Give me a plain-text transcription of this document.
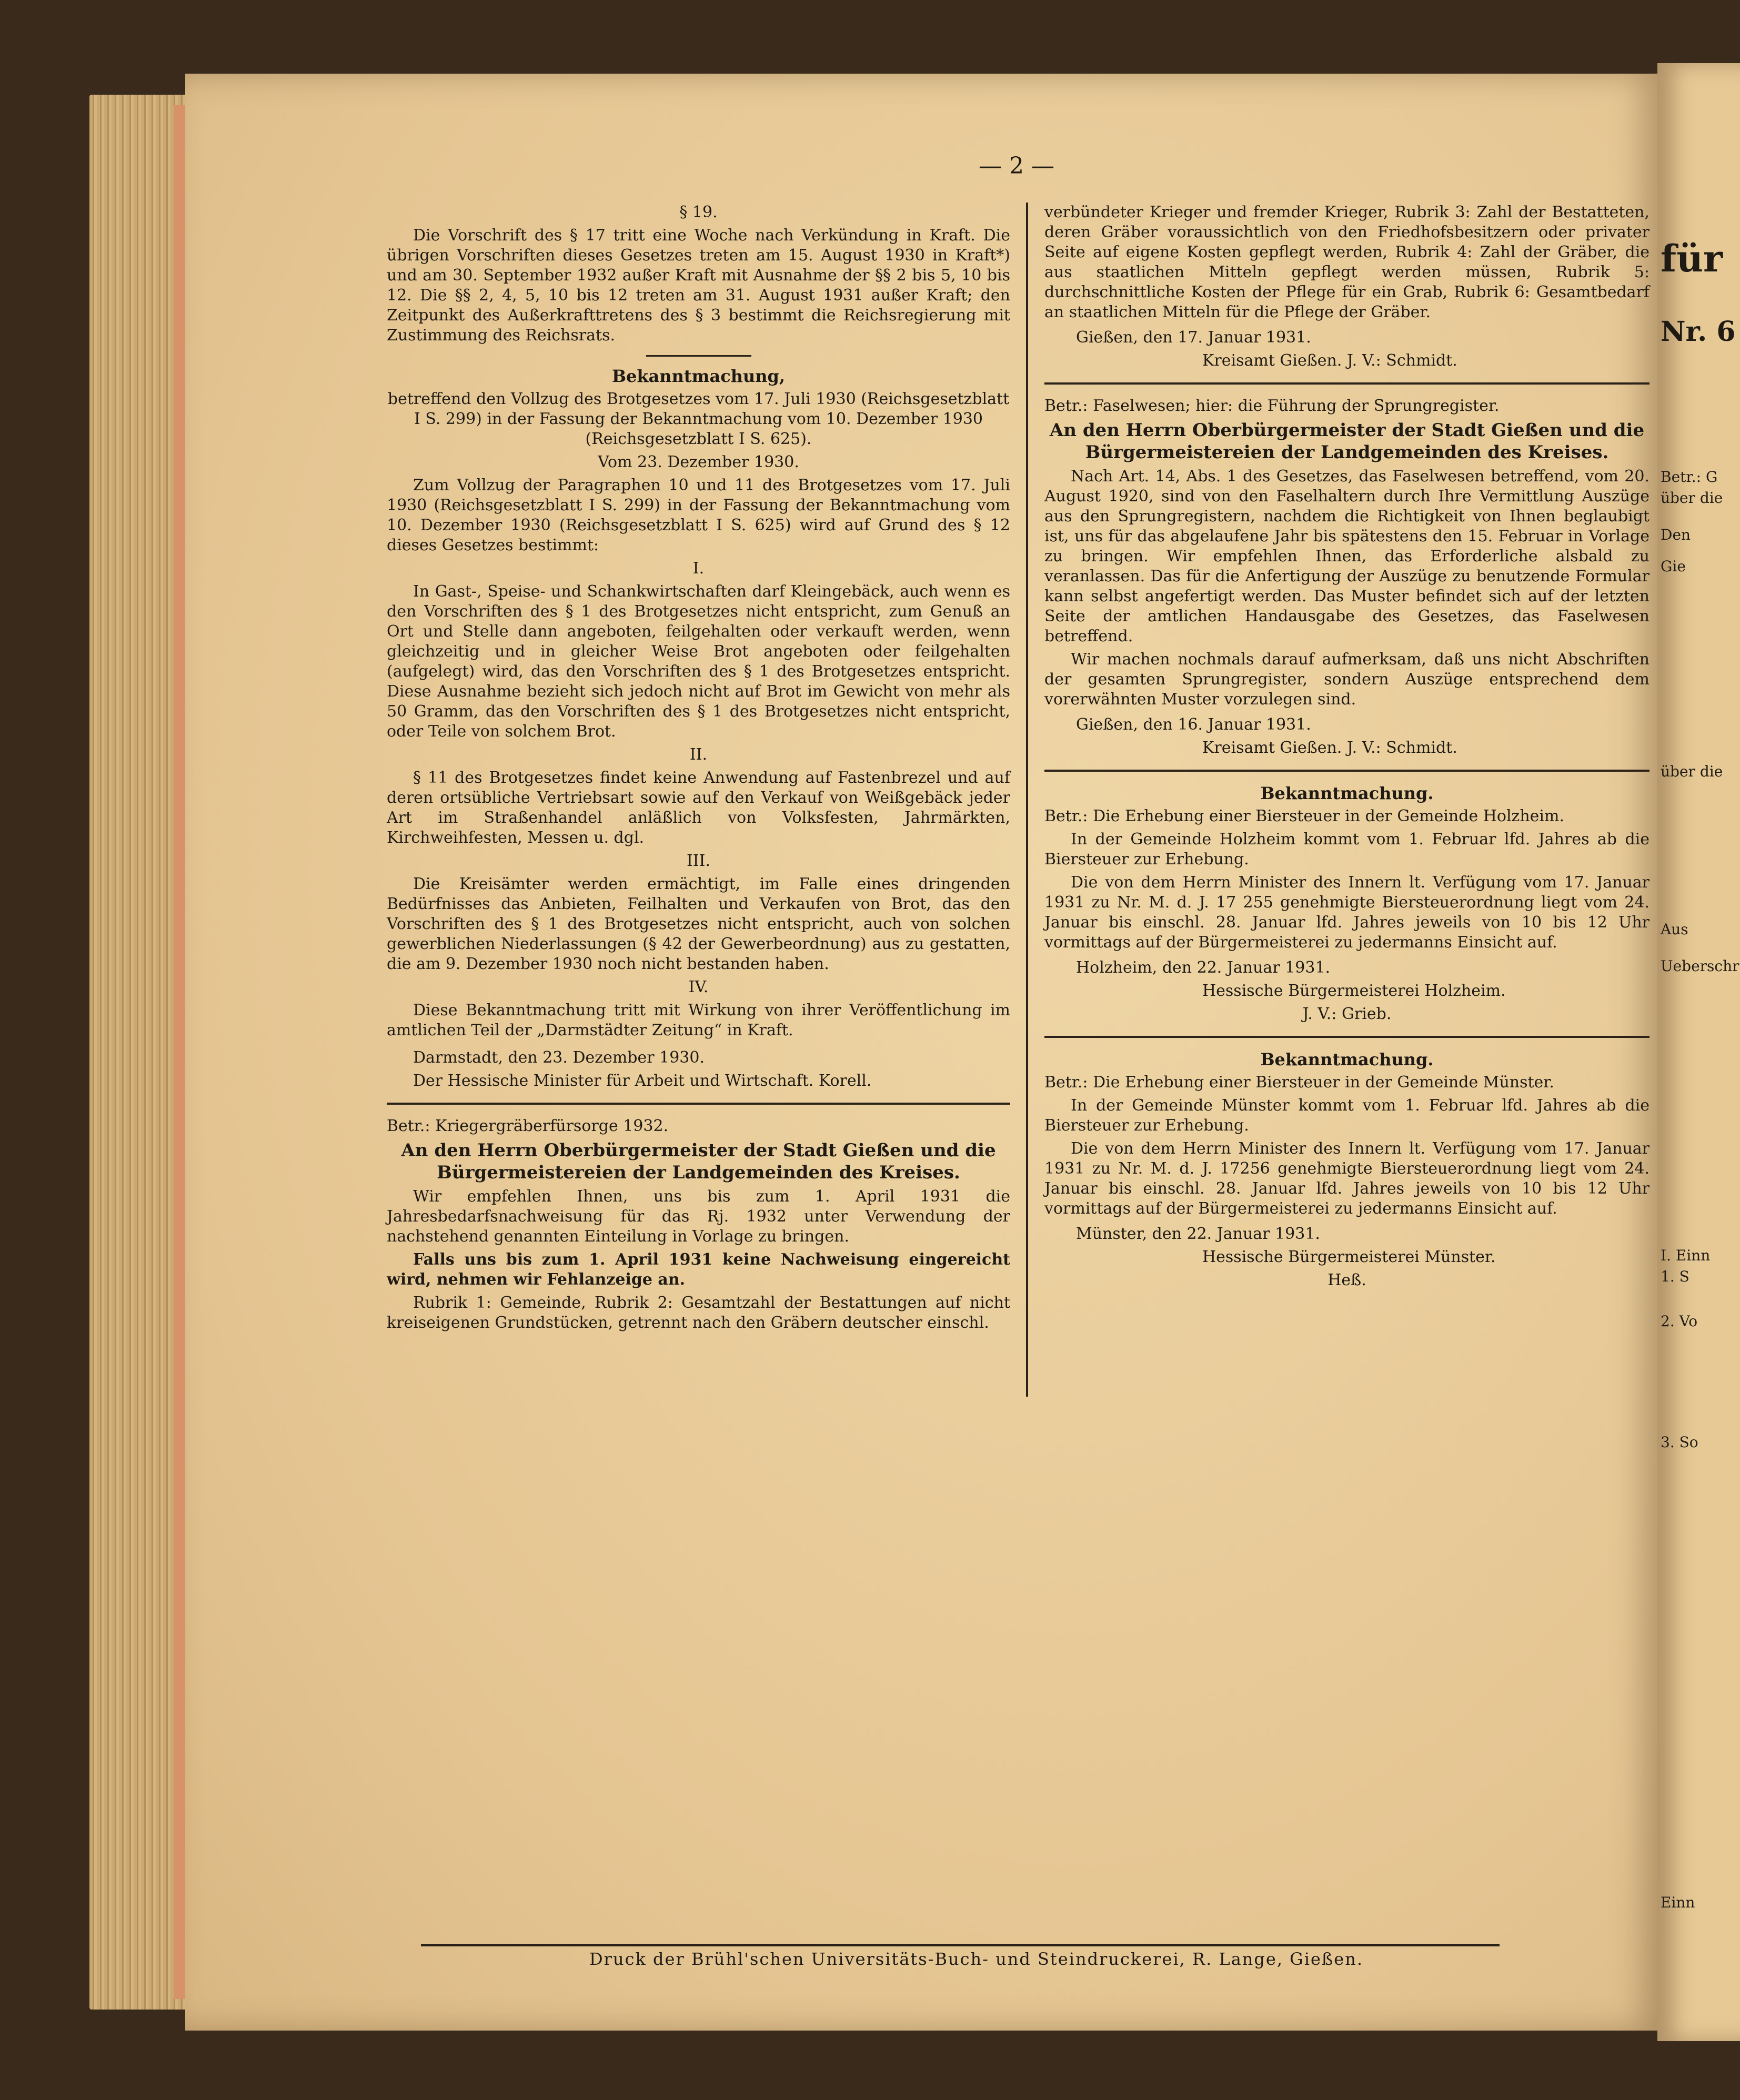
für
Nr. 6
Betr.: G
über die
Den
Gie
über die
Aus
Ueberschr
I. Einn
1. S
2. Vo
3. So
Einn
— 2 —

§ 19.

Die Vorschrift des § 17 tritt eine Woche nach Verkündung in Kraft. Die übrigen Vorschriften dieses Gesetzes treten am 15. August 1930 in Kraft*) und am 30. September 1932 außer Kraft mit Ausnahme der §§ 2 bis 5, 10 bis 12. Die §§ 2, 4, 5, 10 bis 12 treten am 31. August 1931 außer Kraft; den Zeitpunkt des Außerkrafttretens des § 3 bestimmt die Reichsregierung mit Zustimmung des Reichsrats.

Bekanntmachung,

betreffend den Vollzug des Brotgesetzes vom 17. Juli 1930 (Reichsgesetzblatt I S. 299) in der Fassung der Bekanntmachung vom 10. Dezember 1930 (Reichsgesetzblatt I S. 625).

Vom 23. Dezember 1930.

Zum Vollzug der Paragraphen 10 und 11 des Brotgesetzes vom 17. Juli 1930 (Reichsgesetzblatt I S. 299) in der Fassung der Bekanntmachung vom 10. Dezember 1930 (Reichsgesetzblatt I S. 625) wird auf Grund des § 12 dieses Gesetzes bestimmt:

I.

In Gast-, Speise- und Schankwirtschaften darf Kleingebäck, auch wenn es den Vorschriften des § 1 des Brotgesetzes nicht entspricht, zum Genuß an Ort und Stelle dann angeboten, feilgehalten oder verkauft werden, wenn gleichzeitig und in gleicher Weise Brot angeboten oder feilgehalten (aufgelegt) wird, das den Vorschriften des § 1 des Brotgesetzes entspricht. Diese Ausnahme bezieht sich jedoch nicht auf Brot im Gewicht von mehr als 50 Gramm, das den Vorschriften des § 1 des Brotgesetzes nicht entspricht, oder Teile von solchem Brot.

II.

§ 11 des Brotgesetzes findet keine Anwendung auf Fastenbrezel und auf deren ortsübliche Vertriebsart sowie auf den Verkauf von Weißgebäck jeder Art im Straßenhandel anläßlich von Volksfesten, Jahrmärkten, Kirchweihfesten, Messen u. dgl.

III.

Die Kreisämter werden ermächtigt, im Falle eines dringenden Bedürfnisses das Anbieten, Feilhalten und Verkaufen von Brot, das den Vorschriften des § 1 des Brotgesetzes nicht entspricht, auch von solchen gewerblichen Niederlassungen (§ 42 der Gewerbeordnung) aus zu gestatten, die am 9. Dezember 1930 noch nicht bestanden haben.

IV.

Diese Bekanntmachung tritt mit Wirkung von ihrer Veröffentlichung im amtlichen Teil der „Darmstädter Zeitung“ in Kraft.

Darmstadt, den 23. Dezember 1930.

Der Hessische Minister für Arbeit und Wirtschaft. Korell.

Betr.: Kriegergräberfürsorge 1932.

An den Herrn Oberbürgermeister der Stadt Gießen und die Bürgermeistereien der Landgemeinden des Kreises.

Wir empfehlen Ihnen, uns bis zum 1. April 1931 die Jahresbedarfsnachweisung für das Rj. 1932 unter Verwendung der nachstehend genannten Einteilung in Vorlage zu bringen.

Falls uns bis zum 1. April 1931 keine Nachweisung eingereicht wird, nehmen wir Fehlanzeige an.

Rubrik 1: Gemeinde, Rubrik 2: Gesamtzahl der Bestattungen auf nicht kreiseigenen Grundstücken, getrennt nach den Gräbern deutscher einschl.

verbündeter Krieger und fremder Krieger, Rubrik 3: Zahl der Bestatteten, deren Gräber voraussichtlich von den Friedhofsbesitzern oder privater Seite auf eigene Kosten gepflegt werden, Rubrik 4: Zahl der Gräber, die aus staatlichen Mitteln gepflegt werden müssen, Rubrik 5: durchschnittliche Kosten der Pflege für ein Grab, Rubrik 6: Gesamtbedarf an staatlichen Mitteln für die Pflege der Gräber.

Gießen, den 17. Januar 1931.

Kreisamt Gießen. J. V.: Schmidt.

Betr.: Faselwesen; hier: die Führung der Sprungregister.

An den Herrn Oberbürgermeister der Stadt Gießen und die Bürgermeistereien der Landgemeinden des Kreises.

Nach Art. 14, Abs. 1 des Gesetzes, das Faselwesen betreffend, vom 20. August 1920, sind von den Faselhaltern durch Ihre Vermittlung Auszüge aus den Sprungregistern, nachdem die Richtigkeit von Ihnen beglaubigt ist, uns für das abgelaufene Jahr bis spätestens den 15. Februar in Vorlage zu bringen. Wir empfehlen Ihnen, das Erforderliche alsbald zu veranlassen. Das für die Anfertigung der Auszüge zu benutzende Formular kann selbst angefertigt werden. Das Muster befindet sich auf der letzten Seite der amtlichen Handausgabe des Gesetzes, das Faselwesen betreffend.

Wir machen nochmals darauf aufmerksam, daß uns nicht Abschriften der gesamten Sprungregister, sondern Auszüge entsprechend dem vorerwähnten Muster vorzulegen sind.

Gießen, den 16. Januar 1931.

Kreisamt Gießen. J. V.: Schmidt.

Bekanntmachung.

Betr.: Die Erhebung einer Biersteuer in der Gemeinde Holzheim.

In der Gemeinde Holzheim kommt vom 1. Februar lfd. Jahres ab die Biersteuer zur Erhebung.

Die von dem Herrn Minister des Innern lt. Verfügung vom 17. Januar 1931 zu Nr. M. d. J. 17 255 genehmigte Biersteuerordnung liegt vom 24. Januar bis einschl. 28. Januar lfd. Jahres jeweils von 10 bis 12 Uhr vormittags auf der Bürgermeisterei zu jedermanns Einsicht auf.

Holzheim, den 22. Januar 1931.

Hessische Bürgermeisterei Holzheim.

J. V.: Grieb.

Bekanntmachung.

Betr.: Die Erhebung einer Biersteuer in der Gemeinde Münster.

In der Gemeinde Münster kommt vom 1. Februar lfd. Jahres ab die Biersteuer zur Erhebung.

Die von dem Herrn Minister des Innern lt. Verfügung vom 17. Januar 1931 zu Nr. M. d. J. 17256 genehmigte Biersteuerordnung liegt vom 24. Januar bis einschl. 28. Januar lfd. Jahres jeweils von 10 bis 12 Uhr vormittags auf der Bürgermeisterei zu jedermanns Einsicht auf.

Münster, den 22. Januar 1931.

Hessische Bürgermeisterei Münster.

Heß.

Druck der Brühl'schen Universitäts-Buch- und Steindruckerei, R. Lange, Gießen.
